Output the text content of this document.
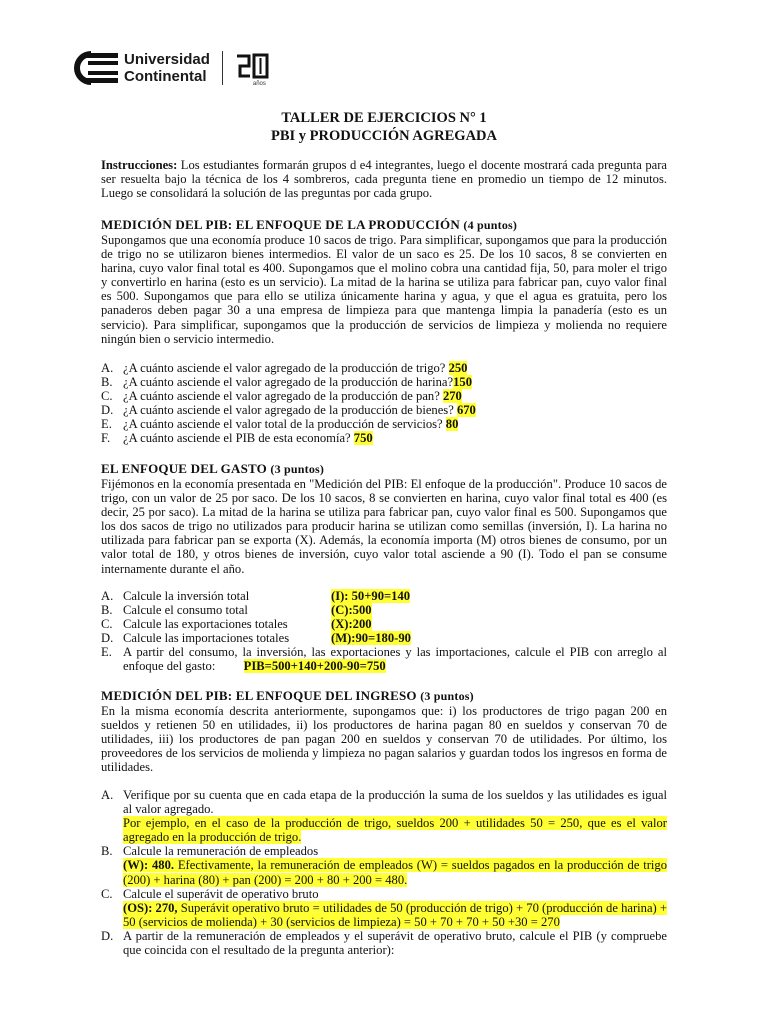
Universidad
Continental	años
TALLER DE EJERCICIOS N° 1
PBI y PRODUCCIÓN AGREGADA
Instrucciones: Los estudiantes formarán grupos d e4 integrantes, luego el docente mostrará cada pregunta para ser resuelta bajo la técnica de los 4 sombreros, cada pregunta tiene en promedio un tiempo de 12 minutos. Luego se consolidará la solución de las preguntas por cada grupo.
MEDICIÓN DEL PIB: EL ENFOQUE DE LA PRODUCCIÓN (4 puntos)
Supongamos que una economía produce 10 sacos de trigo. Para simplificar, supongamos que para la producción de trigo no se utilizaron bienes intermedios. El valor de un saco es 25. De los 10 sacos, 8 se convierten en harina, cuyo valor final total es 400. Supongamos que el molino cobra una cantidad fija, 50, para moler el trigo y convertirlo en harina (esto es un servicio). La mitad de la harina se utiliza para fabricar pan, cuyo valor final es 500. Supongamos que para ello se utiliza únicamente harina y agua, y que el agua es gratuita, pero los panaderos deben pagar 30 a una empresa de limpieza para que mantenga limpia la panadería (esto es un servicio). Para simplificar, supongamos que la producción de servicios de limpieza y molienda no requiere ningún bien o servicio intermedio.
A. ¿A cuánto asciende el valor agregado de la producción de trigo? 250
B. ¿A cuánto asciende el valor agregado de la producción de harina?150
C. ¿A cuánto asciende el valor agregado de la producción de pan? 270
D. ¿A cuánto asciende el valor agregado de la producción de bienes? 670
E. ¿A cuánto asciende el valor total de la producción de servicios? 80
F.	¿A cuánto asciende el PIB de esta economía? 750
EL ENFOQUE DEL GASTO (3 puntos)
Fijémonos en la economía presentada en "Medición del PIB: El enfoque de la producción". Produce 10 sacos de trigo, con un valor de 25 por saco. De los 10 sacos, 8 se convierten en harina, cuyo valor final total es 400 (es decir, 25 por saco). La mitad de la harina se utiliza para fabricar pan, cuyo valor final es 500. Supongamos que los dos sacos de trigo no utilizados para producir harina se utilizan como semillas (inversión, I). La harina no utilizada para fabricar pan se exporta (X). Además, la economía importa (M) otros bienes de consumo, por un valor total de 180, y otros bienes de inversión, cuyo valor total asciende a 90 (I). Todo el pan se consume internamente durante el año.
A. Calcule la inversión total	(I): 50+90=140
B. Calcule el consumo total	(C):500
C. Calcule las exportaciones totales	(X):200
D. Calcule las importaciones totales	(M):90=180-90
E. A partir del consumo, la inversión, las exportaciones y las importaciones, calcule el PIB con arreglo al enfoque del gasto: PIB=500+140+200-90=750
MEDICIÓN DEL PIB: EL ENFOQUE DEL INGRESO (3 puntos)
En la misma economía descrita anteriormente, supongamos que: i) los productores de trigo pagan 200 en sueldos y retienen 50 en utilidades, ii) los productores de harina pagan 80 en sueldos y conservan 70 de utilidades, iii) los productores de pan pagan 200 en sueldos y conservan 70 de utilidades. Por último, los proveedores de los servicios de molienda y limpieza no pagan salarios y guardan todos los ingresos en forma de utilidades.
A. Verifique por su cuenta que en cada etapa de la producción la suma de los sueldos y las utilidades es igual al valor agregado.
Por ejemplo, en el caso de la producción de trigo, sueldos 200 + utilidades 50 = 250, que es el valor agregado en la producción de trigo.
B. Calcule la remuneración de empleados
(W): 480. Efectivamente, la remuneración de empleados (W) = sueldos pagados en la producción de trigo (200) + harina (80) + pan (200) = 200 + 80 + 200 = 480.
C. Calcule el superávit de operativo bruto
(OS): 270, Superávit operativo bruto = utilidades de 50 (producción de trigo) + 70 (producción de harina) + 50 (servicios de molienda) + 30 (servicios de limpieza) = 50 + 70 + 70 + 50 +30 = 270
D. A partir de la remuneración de empleados y el superávit de operativo bruto, calcule el PIB (y compruebe que coincida con el resultado de la pregunta anterior):
